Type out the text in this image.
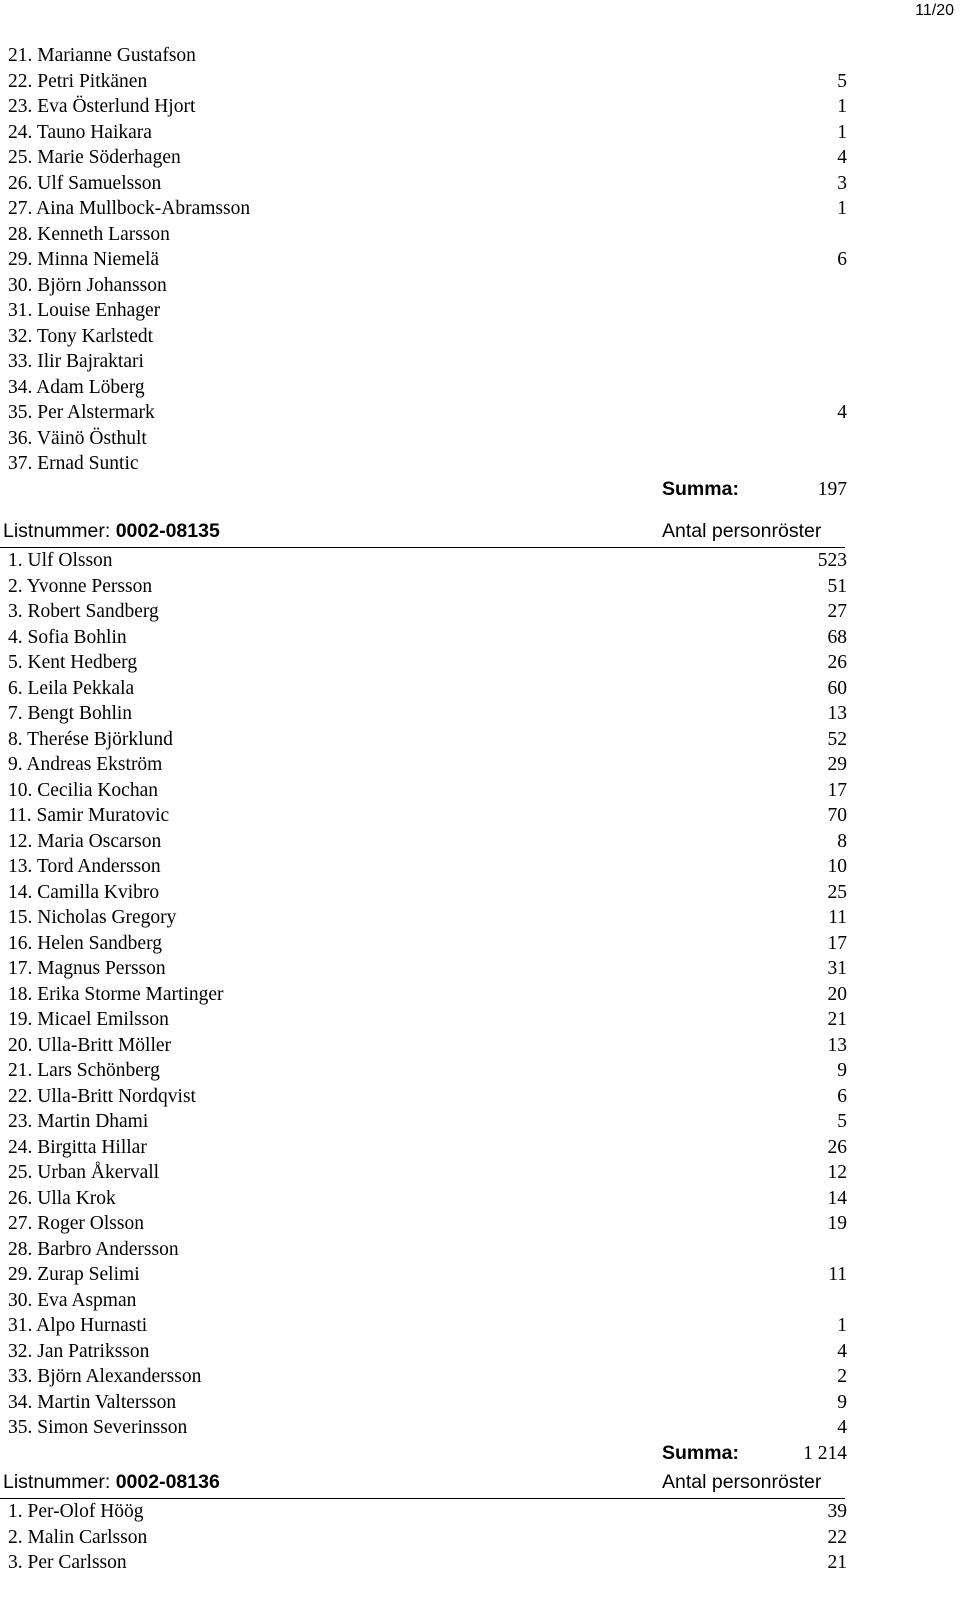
11/20
21. Marianne Gustafson
22. Petri Pitkänen	5
23. Eva Österlund Hjort	1
24. Tauno Haikara	1
25. Marie Söderhagen	4
26. Ulf Samuelsson	3
27. Aina Mullbock-Abramsson	1
28. Kenneth Larsson
29. Minna Niemelä	6
30. Björn Johansson
31. Louise Enhager
32. Tony Karlstedt
33. Ilir Bajraktari
34. Adam Löberg
35. Per Alstermark	4
36. Väinö Östhult
37. Ernad Suntic
Summa:	197
Listnummer: 0002-08135	Antal personröster
1. Ulf Olsson	523
2. Yvonne Persson	51
3. Robert Sandberg	27
4. Sofia Bohlin	68
5. Kent Hedberg	26
6. Leila Pekkala	60
7. Bengt Bohlin	13
8. Therése Björklund	52
9. Andreas Ekström	29
10. Cecilia Kochan	17
11. Samir Muratovic	70
12. Maria Oscarson	8
13. Tord Andersson	10
14. Camilla Kvibro	25
15. Nicholas Gregory	11
16. Helen Sandberg	17
17. Magnus Persson	31
18. Erika Storme Martinger	20
19. Micael Emilsson	21
20. Ulla-Britt Möller	13
21. Lars Schönberg	9
22. Ulla-Britt Nordqvist	6
23. Martin Dhami	5
24. Birgitta Hillar	26
25. Urban Åkervall	12
26. Ulla Krok	14
27. Roger Olsson	19
28. Barbro Andersson
29. Zurap Selimi	11
30. Eva Aspman
31. Alpo Hurnasti	1
32. Jan Patriksson	4
33. Björn Alexandersson	2
34. Martin Valtersson	9
35. Simon Severinsson	4
Summa:	1 214
Listnummer: 0002-08136	Antal personröster
1. Per-Olof Höög	39
2. Malin Carlsson	22
3. Per Carlsson	21
